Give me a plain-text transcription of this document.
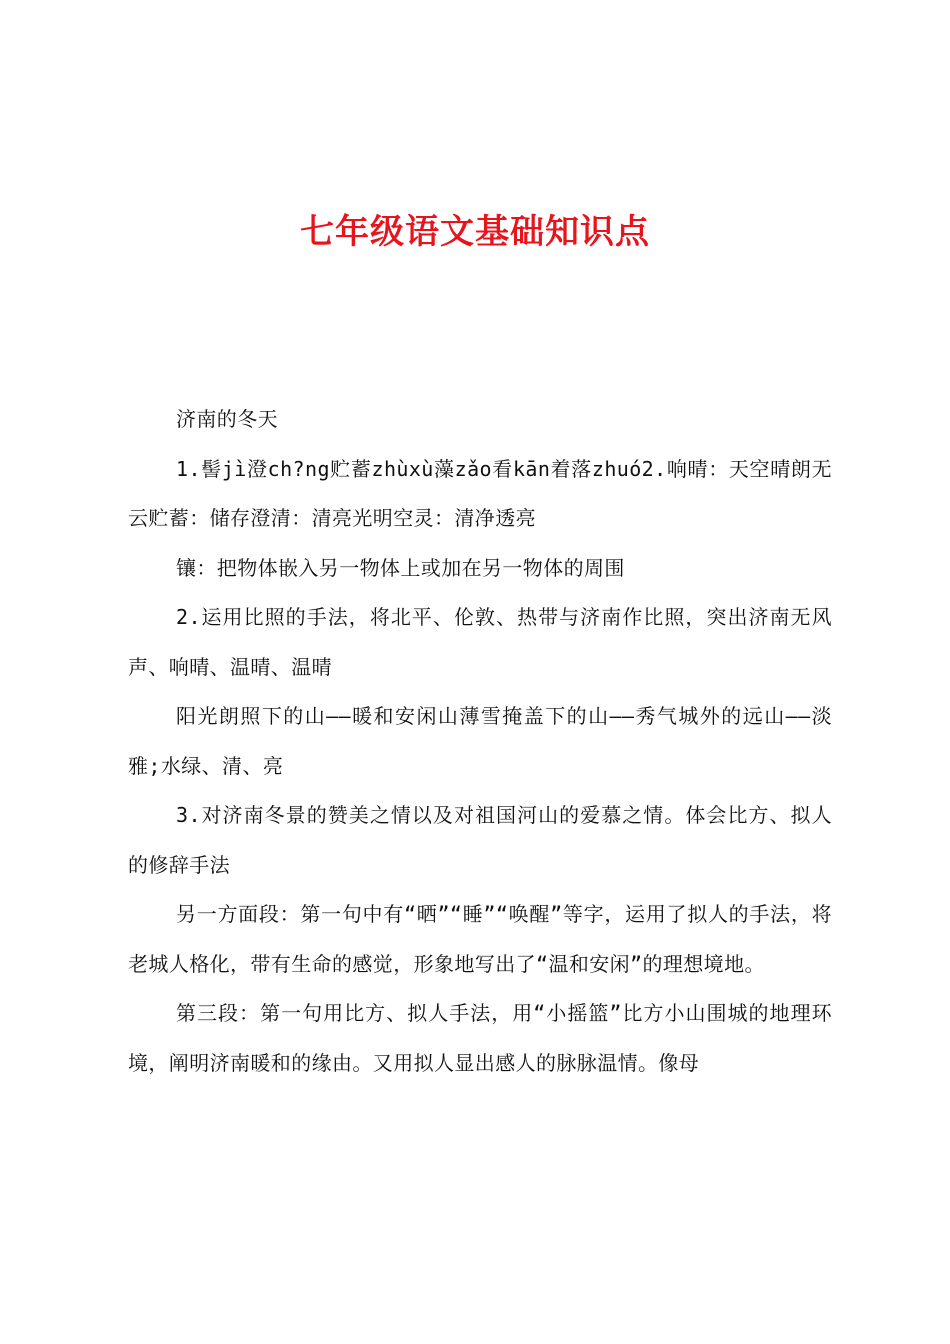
七年级语文基础知识点

济南的冬天

1.髻jì澄ch?ng贮蓄zhùxù藻zǎo看kān着落zhuó2.响晴：天空晴朗无云贮蓄：储存澄清：清亮光明空灵：清净透亮

镶：把物体嵌入另一物体上或加在另一物体的周围

2.运用比照的手法，将北平、伦敦、热带与济南作比照，突出济南无风声、响晴、温晴、温晴

阳光朗照下的山——暖和安闲山薄雪掩盖下的山——秀气城外的远山——淡雅;水绿、清、亮

3.对济南冬景的赞美之情以及对祖国河山的爱慕之情。体会比方、拟人的修辞手法

另一方面段：第一句中有“晒”“睡”“唤醒”等字，运用了拟人的手法，将老城人格化，带有生命的感觉，形象地写出了“温和安闲”的理想境地。

第三段：第一句用比方、拟人手法，用“小摇篮”比方小山围城的地理环境，阐明济南暖和的缘由。又用拟人显出感人的脉脉温情。像母
